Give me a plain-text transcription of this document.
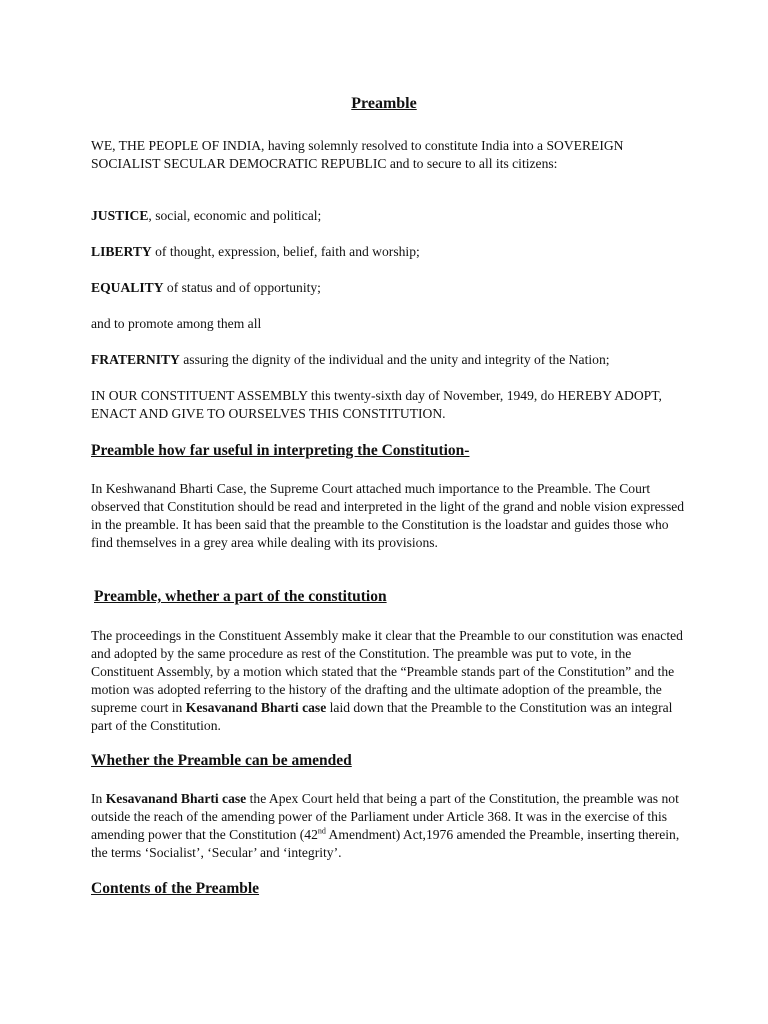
Preamble

WE, THE PEOPLE OF INDIA, having solemnly resolved to constitute India into a SOVEREIGN SOCIALIST SECULAR DEMOCRATIC REPUBLIC and to secure to all its citizens:

JUSTICE, social, economic and political;

LIBERTY of thought, expression, belief, faith and worship;

EQUALITY of status and of opportunity;

and to promote among them all

FRATERNITY assuring the dignity of the individual and the unity and integrity of the Nation;

IN OUR CONSTITUENT ASSEMBLY this twenty-sixth day of November, 1949, do HEREBY ADOPT, ENACT AND GIVE TO OURSELVES THIS CONSTITUTION.

Preamble how far useful in interpreting the Constitution-

In Keshwanand Bharti Case, the Supreme Court attached much importance to the Preamble. The Court observed that Constitution should be read and interpreted in the light of the grand and noble vision expressed in the preamble. It has been said that the preamble to the Constitution is the loadstar and guides those who find themselves in a grey area while dealing with its provisions.

Preamble, whether a part of the constitution

The proceedings in the Constituent Assembly make it clear that the Preamble to our constitution was enacted and adopted by the same procedure as rest of the Constitution. The preamble was put to vote, in the Constituent Assembly, by a motion which stated that the “Preamble stands part of the Constitution” and the motion was adopted referring to the history of the drafting and the ultimate adoption of the preamble, the supreme court in Kesavanand Bharti case laid down that the Preamble to the Constitution was an integral part of the Constitution.

Whether the Preamble can be amended

In Kesavanand Bharti case the Apex Court held that being a part of the Constitution, the preamble was not outside the reach of the amending power of the Parliament under Article 368. It was in the exercise of this amending power that the Constitution (42nd Amendment) Act,1976 amended the Preamble, inserting therein, the terms ‘Socialist’, ‘Secular’ and ‘integrity’.

Contents of the Preamble
